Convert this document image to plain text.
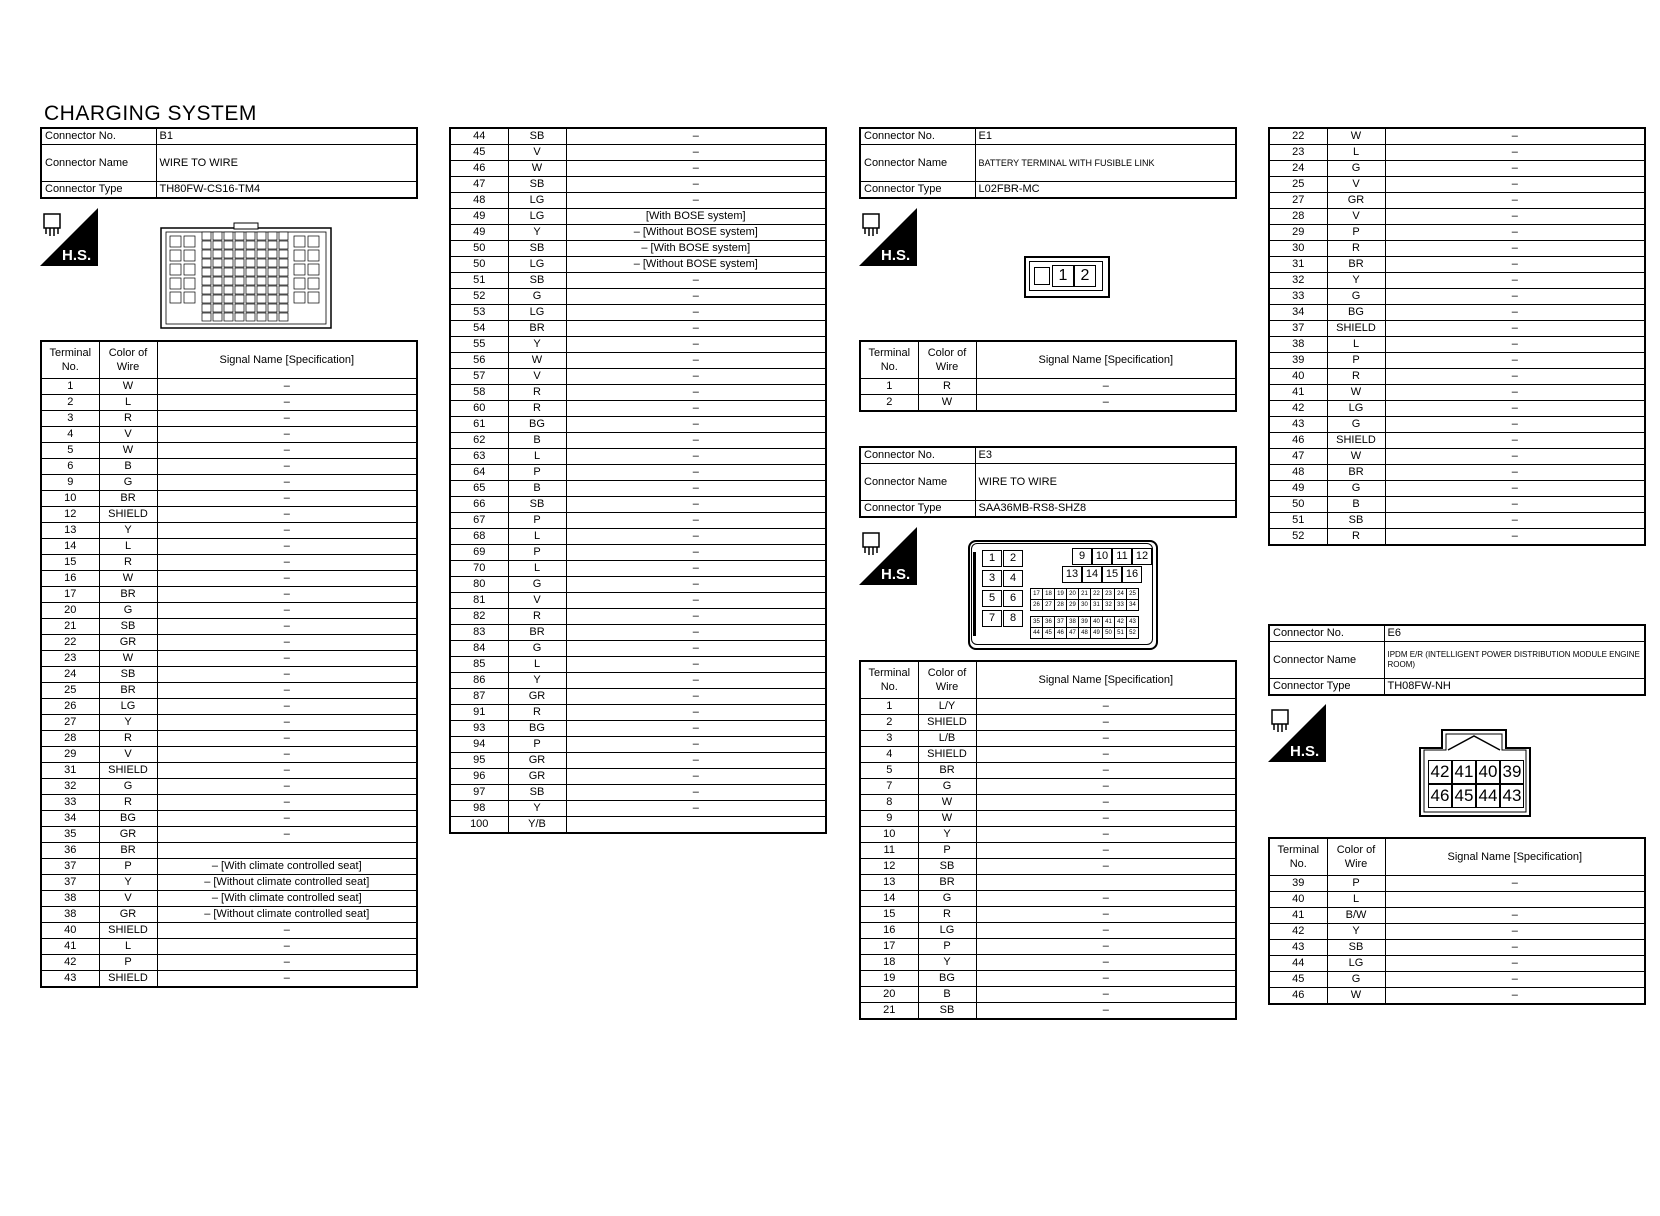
CHARGING SYSTEM
Connector No.	B1
Connector Name	WIRE TO WIRE
Connector Type	TH80FW-CS16-TM4
H.S.
Terminal No.	Color of Wire	Signal Name [Specification]
1	W	–
2	L	–
3	R	–
4	V	–
5	W	–
6	B	–
9	G	–
10	BR	–
12	SHIELD	–
13	Y	–
14	L	–
15	R	–
16	W	–
17	BR	–
20	G	–
21	SB	–
22	GR	–
23	W	–
24	SB	–
25	BR	–
26	LG	–
27	Y	–
28	R	–
29	V	–
31	SHIELD	–
32	G	–
33	R	–
34	BG	–
35	GR	–
36	BR	
37	P	– [With climate controlled seat]
37	Y	– [Without climate controlled seat]
38	V	– [With climate controlled seat]
38	GR	– [Without climate controlled seat]
40	SHIELD	–
41	L	–
42	P	–
43	SHIELD	–
44	SB	–
45	V	–
46	W	–
47	SB	–
48	LG	–
49	LG	[With BOSE system]
49	Y	– [Without BOSE system]
50	SB	– [With BOSE system]
50	LG	– [Without BOSE system]
51	SB	–
52	G	–
53	LG	–
54	BR	–
55	Y	–
56	W	–
57	V	–
58	R	–
60	R	–
61	BG	–
62	B	–
63	L	–
64	P	–
65	B	–
66	SB	–
67	P	–
68	L	–
69	P	–
70	L	–
80	G	–
81	V	–
82	R	–
83	BR	–
84	G	–
85	L	–
86	Y	–
87	GR	–
91	R	–
93	BG	–
94	P	–
95	GR	–
96	GR	–
97	SB	–
98	Y	–
100	Y/B	
Connector No.	E1
Connector Name	BATTERY TERMINAL WITH FUSIBLE LINK
Connector Type	L02FBR-MC
H.S.
1 2
Terminal No.	Color of Wire	Signal Name [Specification]
1	R	–
2	W	–
Connector No.	E3
Connector Name	WIRE TO WIRE
Connector Type	SAA36MB-RS8-SHZ8
H.S.
1	2
3	4
5	6
7	8
9 10 11 12
13 14 15 16
17 18 19 20 21 22 23 24 25
26 27 28 29 30 31 32 33 34
35 36 37 38 39 40 41 42 43
44 45 46 47 48 49 50 51 52
Terminal No.	Color of Wire	Signal Name [Specification]
1	L/Y	–
2	SHIELD	–
3	L/B	–
4	SHIELD	–
5	BR	–
7	G	–
8	W	–
9	W	–
10	Y	–
11	P	–
12	SB	–
13	BR	
14	G	–
15	R	–
16	LG	–
17	P	–
18	Y	–
19	BG	–
20	B	–
21	SB	–
22	W	–
23	L	–
24	G	–
25	V	–
27	GR	–
28	V	–
29	P	–
30	R	–
31	BR	–
32	Y	–
33	G	–
34	BG	–
37	SHIELD	–
38	L	–
39	P	–
40	R	–
41	W	–
42	LG	–
43	G	–
46	SHIELD	–
47	W	–
48	BR	–
49	G	–
50	B	–
51	SB	–
52	R	–
Connector No.	E6
Connector Name	IPDM E/R (INTELLIGENT POWER DISTRIBUTION MODULE ENGINE ROOM)
Connector Type	TH08FW-NH
H.S.
42 41 40 39
46 45 44 43
Terminal No.	Color of Wire	Signal Name [Specification]
39	P	–
40	L	
41	B/W	–
42	Y	–
43	SB	–
44	LG	–
45	G	–
46	W	–
